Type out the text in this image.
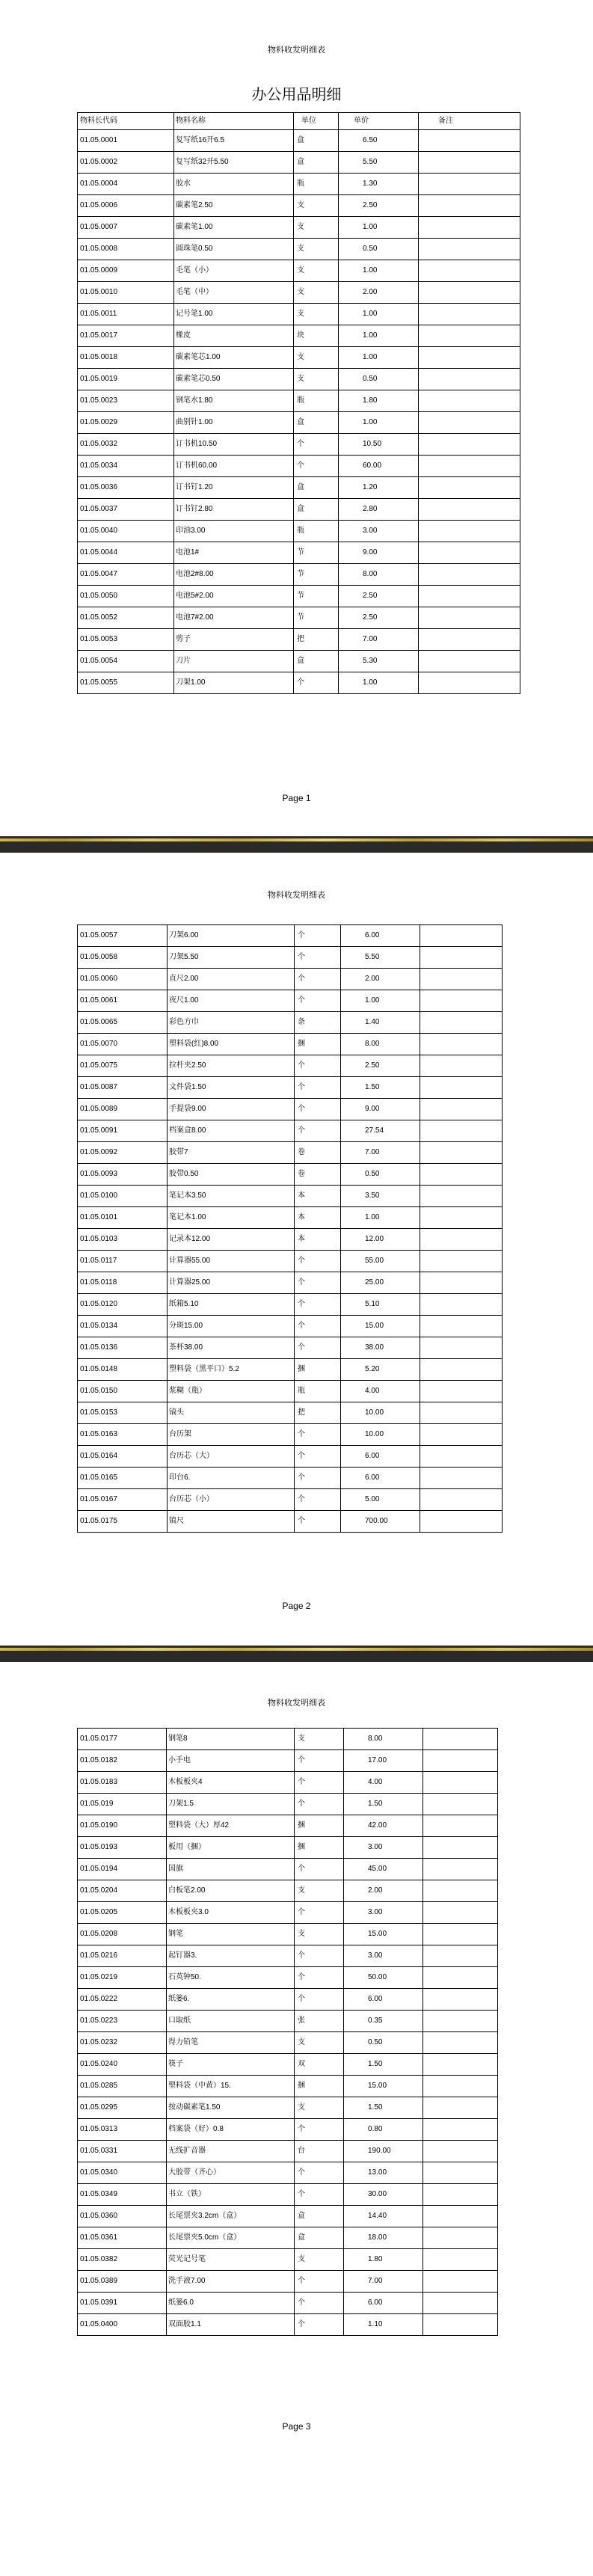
物料收发明细表
办公用品明细
物料长代码	物料名称	单位	单价	备注
01.05.0001	复写纸16开6.5	盒	6.50	
01.05.0002	复写纸32开5.50	盒	5.50	
01.05.0004	胶水	瓶	1.30	
01.05.0006	碳素笔2.50	支	2.50	
01.05.0007	碳素笔1.00	支	1.00	
01.05.0008	圆珠笔0.50	支	0.50	
01.05.0009	毛笔（小）	支	1.00	
01.05.0010	毛笔（中）	支	2.00	
01.05.0011	记号笔1.00	支	1.00	
01.05.0017	橡皮	块	1.00	
01.05.0018	碳素笔芯1.00	支	1.00	
01.05.0019	碳素笔芯0.50	支	0.50	
01.05.0023	钢笔水1.80	瓶	1.80	
01.05.0029	曲别针1.00	盒	1.00	
01.05.0032	订书机10.50	个	10.50	
01.05.0034	订书机60.00	个	60.00	
01.05.0036	订书钉1.20	盒	1.20	
01.05.0037	订书钉2.80	盒	2.80	
01.05.0040	印油3.00	瓶	3.00	
01.05.0044	电池1#	节	9.00	
01.05.0047	电池2#8.00	节	8.00	
01.05.0050	电池5#2.00	节	2.50	
01.05.0052	电池7#2.00	节	2.50	
01.05.0053	剪子	把	7.00	
01.05.0054	刀片	盒	5.30	
01.05.0055	刀架1.00	个	1.00	
Page 1
物料收发明细表
01.05.0057	刀架6.00	个	6.00	
01.05.0058	刀架5.50	个	5.50	
01.05.0060	直尺2.00	个	2.00	
01.05.0061	夜尺1.00	个	1.00	
01.05.0065	彩色方巾	条	1.40	
01.05.0070	塑料袋(红)8.00	捆	8.00	
01.05.0075	拉杆夹2.50	个	2.50	
01.05.0087	文件袋1.50	个	1.50	
01.05.0089	手提袋9.00	个	9.00	
01.05.0091	档案盒8.00	个	27.54	
01.05.0092	胶带7	卷	7.00	
01.05.0093	胶带0.50	卷	0.50	
01.05.0100	笔记本3.50	本	3.50	
01.05.0101	笔记本1.00	本	1.00	
01.05.0103	记录本12.00	本	12.00	
01.05.0117	计算器55.00	个	55.00	
01.05.0118	计算器25.00	个	25.00	
01.05.0120	纸箱5.10	个	5.10	
01.05.0134	分斑15.00	个	15.00	
01.05.0136	茶杯38.00	个	38.00	
01.05.0148	塑料袋（黑平口）5.2	捆	5.20	
01.05.0150	浆糊（瓶）	瓶	4.00	
01.05.0153	镐头	把	10.00	
01.05.0163	台历架	个	10.00	
01.05.0164	台历芯（大）	个	6.00	
01.05.0165	印台6.	个	6.00	
01.05.0167	台历芯（小）	个	5.00	
01.05.0175	镇尺	个	700.00	
Page 2
物料收发明细表
01.05.0177	钢笔8	支	8.00	
01.05.0182	小手电	个	17.00	
01.05.0183	木板板夹4	个	4.00	
01.05.019	刀架1.5	个	1.50	
01.05.0190	塑料袋（大）厚42	捆	42.00	
01.05.0193	板用（捆）	捆	3.00	
01.05.0194	国旗	个	45.00	
01.05.0204	白板笔2.00	支	2.00	
01.05.0205	木板板夹3.0	个	3.00	
01.05.0208	钢笔	支	15.00	
01.05.0216	起钉器3.	个	3.00	
01.05.0219	石英钟50.	个	50.00	
01.05.0222	纸篓6.	个	6.00	
01.05.0223	口取纸	张	0.35	
01.05.0232	得力铅笔	支	0.50	
01.05.0240	筷子	双	1.50	
01.05.0285	塑料袋（中黄）15.	捆	15.00	
01.05.0295	按动碳素笔1.50	支	1.50	
01.05.0313	档案袋（好）0.8	个	0.80	
01.05.0331	无线扩音器	台	190.00	
01.05.0340	大胶带（齐心）	个	13.00	
01.05.0349	书立（铁）	个	30.00	
01.05.0360	长尾票夹3.2cm（盒）	盒	14.40	
01.05.0361	长尾票夹5.0cm（盒）	盒	18.00	
01.05.0382	荧光记号笔	支	1.80	
01.05.0389	洗手液7.00	个	7.00	
01.05.0391	纸篓6.0	个	6.00	
01.05.0400	双面胶1.1	个	1.10	
Page 3
